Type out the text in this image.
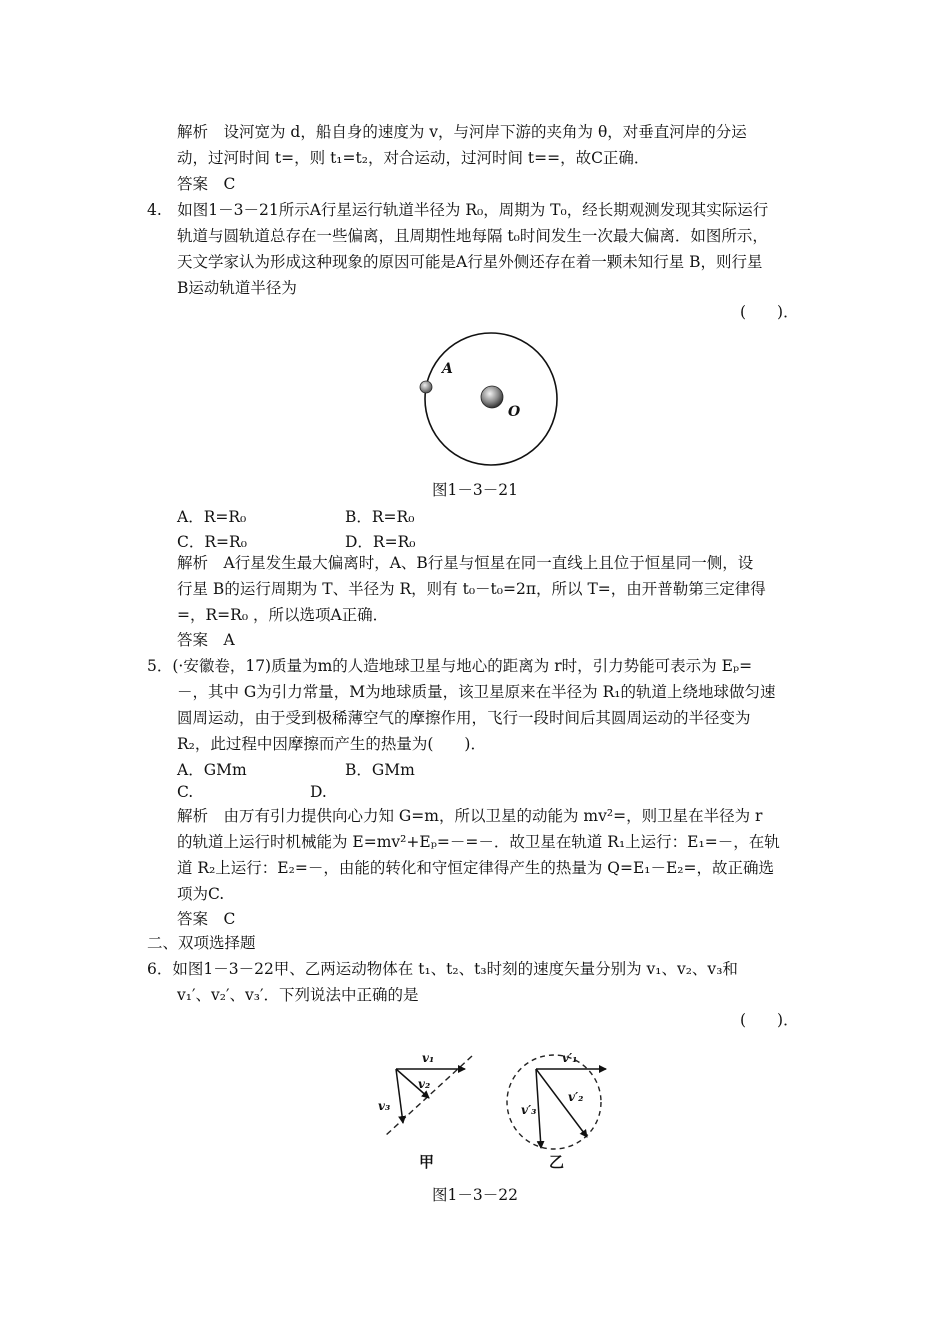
解析　设河宽为 d，船自身的速度为 v，与河岸下游的夹角为 θ，对垂直河岸的分运
动，过河时间 t=，则 t₁=t₂，对合运动，过河时间 t==，故C正确．
答案　C
4.　如图1－3－21所示A行星运行轨道半径为 R₀，周期为 T₀，经长期观测发现其实际运行
轨道与圆轨道总存在一些偏离，且周期性地每隔 t₀时间发生一次最大偏离．如图所示，
天文学家认为形成这种现象的原因可能是A行星外侧还存在着一颗未知行星 B，则行星
B运动轨道半径为
(　　)．
A
O
图1－3－21
A．R=R₀	B．R=R₀
C．R=R₀	D．R=R₀
解析　A行星发生最大偏离时，A、B行星与恒星在同一直线上且位于恒星同一侧，设
行星 B的运行周期为 T、半径为 R，则有 t₀－t₀=2π，所以 T=，由开普勒第三定律得
=，R=R₀ ，所以选项A正确．
答案　A
5．(·安徽卷，17)质量为m的人造地球卫星与地心的距离为 r时，引力势能可表示为 Eₚ=
－，其中 G为引力常量，M为地球质量，该卫星原来在半径为 R₁的轨道上绕地球做匀速
圆周运动，由于受到极稀薄空气的摩擦作用，飞行一段时间后其圆周运动的半径变为
R₂，此过程中因摩擦而产生的热量为(　　)．
A．GMm	B．GMm
C.	D.
解析　由万有引力提供向心力知 G=m，所以卫星的动能为 mv²=，则卫星在半径为 r
的轨道上运行时机械能为 E=mv²+Eₚ=－=－．故卫星在轨道 R₁上运行：E₁=－，在轨
道 R₂上运行：E₂=－，由能的转化和守恒定律得产生的热量为 Q=E₁－E₂=，故正确选
项为C.
答案　C
二、双项选择题
6．如图1－3－22甲、乙两运动物体在 t₁、t₂、t₃时刻的速度矢量分别为 v₁、v₂、v₃和
v₁′、v₂′、v₃′．下列说法中正确的是
(　　)．
v₁
v₂
v₃
甲
v′₁
v′₂
v′₃
乙
图1－3－22
